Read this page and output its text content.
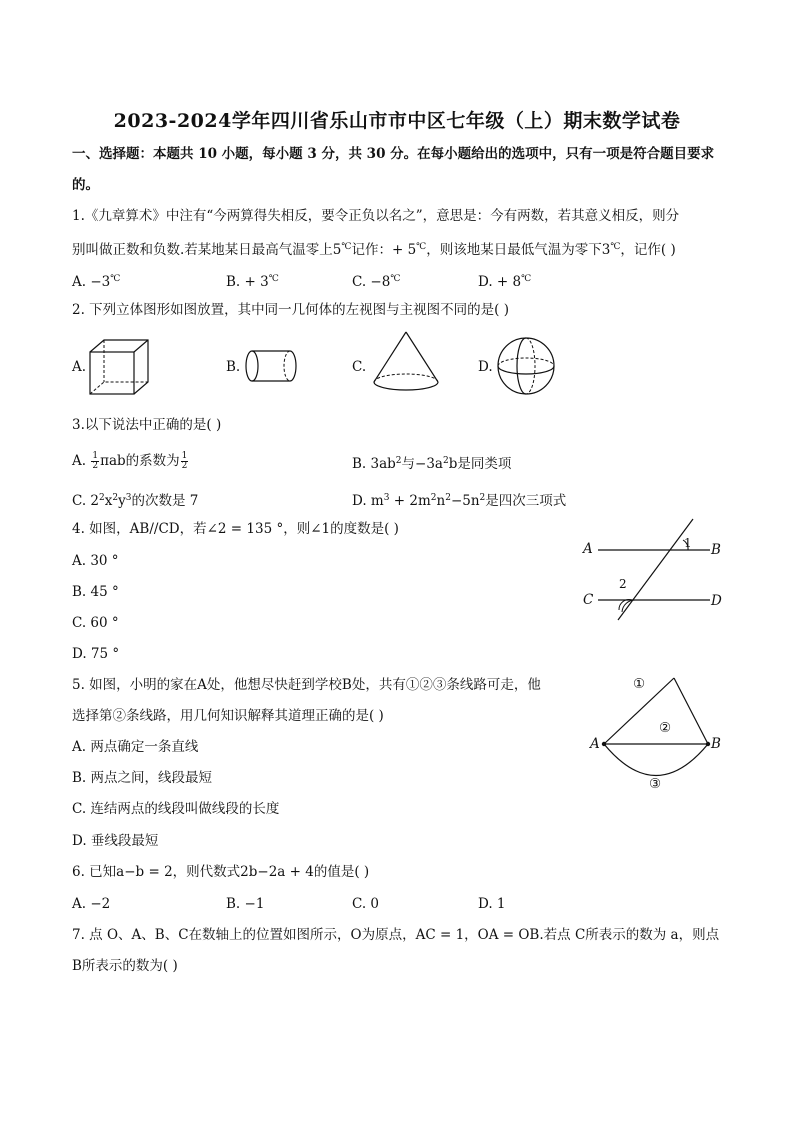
2023-2024学年四川省乐山市市中区七年级（上）期末数学试卷
一、选择题：本题共 10 小题，每小题 3 分，共 30 分。在每小题给出的选项中，只有一项是符合题目要求
的。
1.《九章算术》中注有“今两算得失相反，要令正负以名之”，意思是：今有两数，若其意义相反，则分
别叫做正数和负数.若某地某日最高气温零上5℃记作：+ 5℃，则该地某日最低气温为零下3℃，记作( )
A. −3℃	B. + 3℃	C. −8℃	D. + 8℃
2. 下列立体图形如图放置，其中同一几何体的左视图与主视图不同的是( )
A.	B.	C.	D.
3.以下说法中正确的是( )
A. $\frac{1}{2}$ πab的系数为 $\frac{1}{2}$	B. $3ab^2$与$-3a^2b$是同类项
C. $2^2x^2y^3$的次数是 7	D. $m^3 + 2m^2n^2-5n^2$是四次三项式
4. 如图，AB//CD，若∠2 = 135 °，则∠1的度数是( )
A. 30 °
B. 45 °
C. 60 °
D. 75 °
A	B
C	D
1
2
5. 如图，小明的家在A处，他想尽快赶到学校B处，共有①②③条线路可走，他
选择第②条线路，用几何知识解释其道理正确的是( )
A. 两点确定一条直线
B. 两点之间，线段最短
C. 连结两点的线段叫做线段的长度
D. 垂线段最短
A	B
①
②
③
6. 已知a−b = 2，则代数式2b−2a + 4的值是( )
A. −2	B. −1	C. 0	D. 1
7. 点 O、A、B、C在数轴上的位置如图所示，O为原点，AC = 1，OA = OB.若点 C所表示的数为 a，则点
B所表示的数为( )
